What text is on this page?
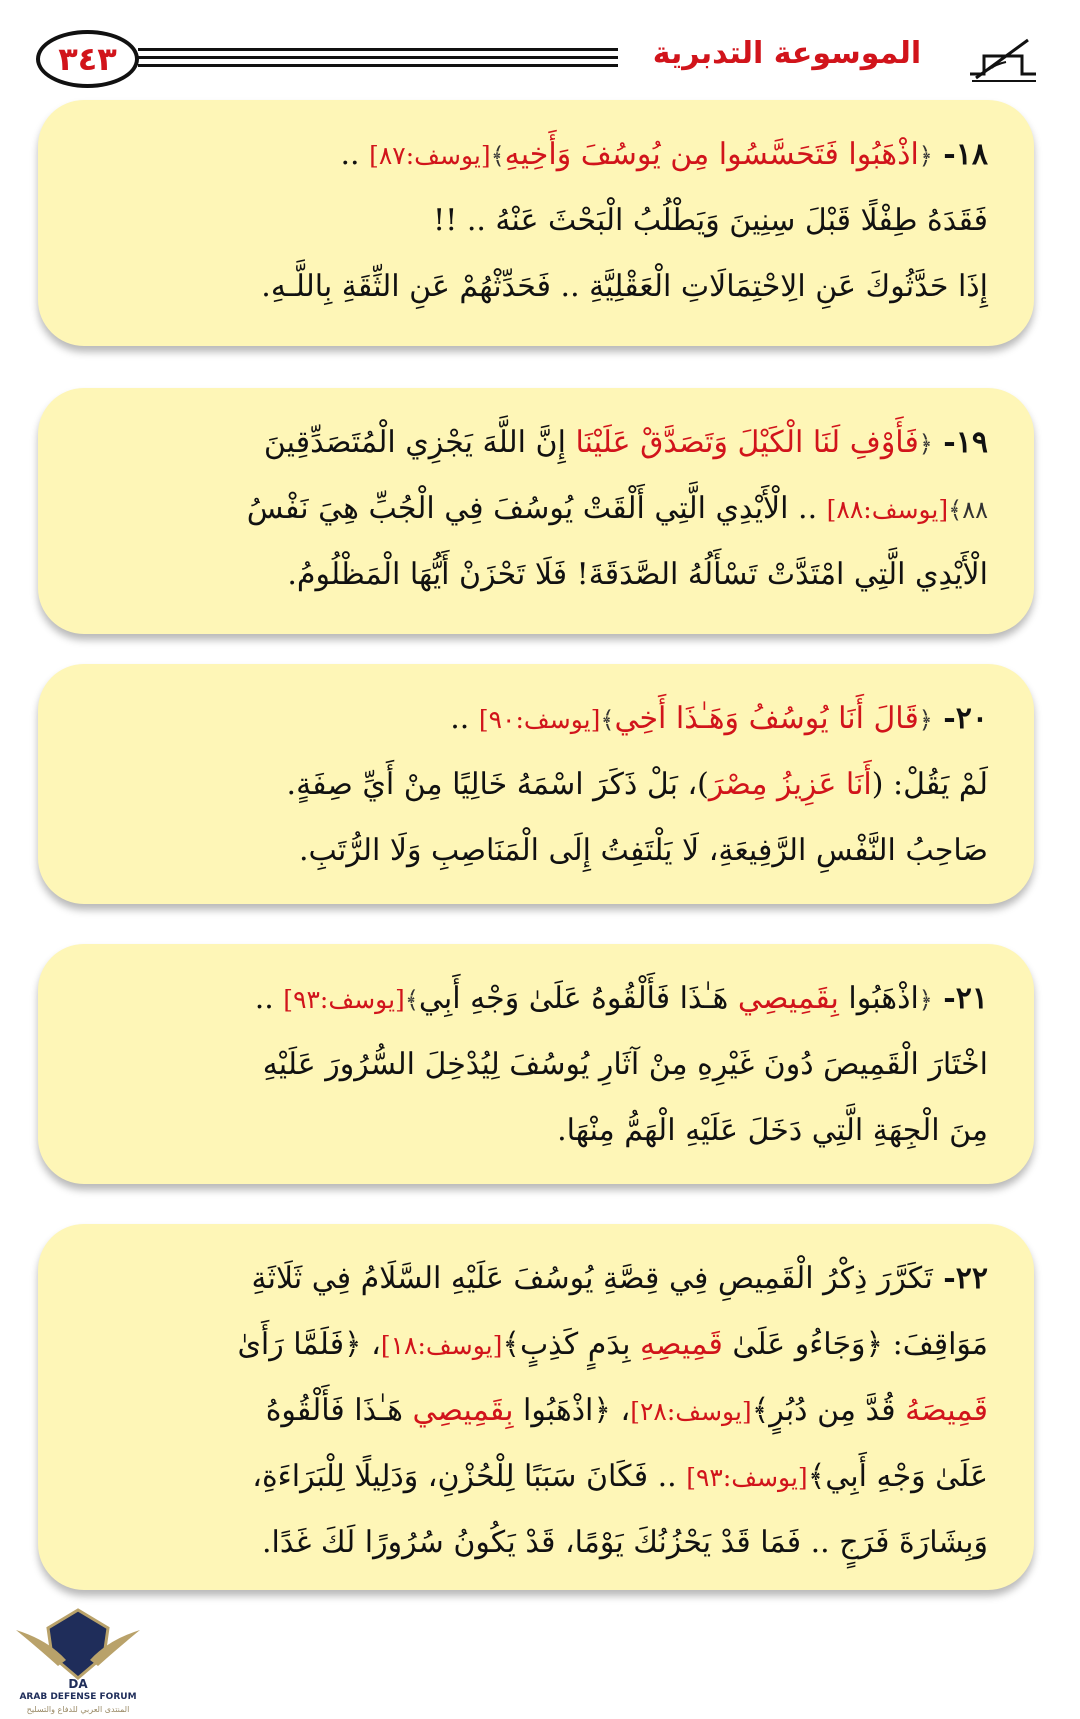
٣٤٣	الموسوعة التدبرية
١٨- ﴿اذْهَبُوا فَتَحَسَّسُوا مِن يُوسُفَ وَأَخِيهِ﴾[يوسف:٨٧] ..
فَقَدَهُ طِفْلًا قَبْلَ سِنِينَ وَيَطْلُبُ الْبَحْثَ عَنْهُ .. !!
إِذَا حَدَّثُوكَ عَنِ الِاحْتِمَالَاتِ الْعَقْلِيَّةِ .. فَحَدِّثْهُمْ عَنِ الثِّقَةِ بِاللَّـهِ.
١٩- ﴿فَأَوْفِ لَنَا الْكَيْلَ وَتَصَدَّقْ عَلَيْنَا إِنَّ اللَّهَ يَجْزِي الْمُتَصَدِّقِينَ
٨٨﴾[يوسف:٨٨] .. الْأَيْدِي الَّتِي أَلْقَتْ يُوسُفَ فِي الْجُبِّ هِيَ نَفْسُ
الْأَيْدِي الَّتِي امْتَدَّتْ تَسْأَلُهُ الصَّدَقَةَ! فَلَا تَحْزَنْ أَيُّهَا الْمَظْلُومُ.
٢٠- ﴿قَالَ أَنَا يُوسُفُ وَهَـٰذَا أَخِي﴾[يوسف:٩٠] ..
لَمْ يَقُلْ: (أَنَا عَزِيزُ مِصْرَ)، بَلْ ذَكَرَ اسْمَهُ خَالِيًا مِنْ أَيِّ صِفَةٍ.
صَاحِبُ النَّفْسِ الرَّفِيعَةِ، لَا يَلْتَفِتُ إِلَى الْمَنَاصِبِ وَلَا الرُّتَبِ.
٢١- ﴿اذْهَبُوا بِقَمِيصِي هَـٰذَا فَأَلْقُوهُ عَلَىٰ وَجْهِ أَبِي﴾[يوسف:٩٣] ..
اخْتَارَ الْقَمِيصَ دُونَ غَيْرِهِ مِنْ آثَارِ يُوسُفَ لِيُدْخِلَ السُّرُورَ عَلَيْهِ
مِنَ الْجِهَةِ الَّتِي دَخَلَ عَلَيْهِ الْهَمُّ مِنْهَا.
٢٢- تَكَرَّرَ ذِكْرُ الْقَمِيصِ فِي قِصَّةِ يُوسُفَ عَلَيْهِ السَّلَامُ فِي ثَلَاثَةِ
مَوَاقِفَ: ﴿وَجَاءُو عَلَىٰ قَمِيصِهِ بِدَمٍ كَذِبٍ﴾[يوسف:١٨]، ﴿فَلَمَّا رَأَىٰ
قَمِيصَهُ قُدَّ مِن دُبُرٍ﴾[يوسف:٢٨]، ﴿اذْهَبُوا بِقَمِيصِي هَـٰذَا فَأَلْقُوهُ
عَلَىٰ وَجْهِ أَبِي﴾[يوسف:٩٣] .. فَكَانَ سَبَبًا لِلْحُزْنِ، وَدَلِيلًا لِلْبَرَاءَةِ،
وَبِشَارَةَ فَرَجٍ .. فَمَا قَدْ يَحْزُنُكَ يَوْمًا، قَدْ يَكُونُ سُرُورًا لَكَ غَدًا.
DA
ARAB DEFENSE FORUM
المنتدى العربي للدفاع والتسليح
